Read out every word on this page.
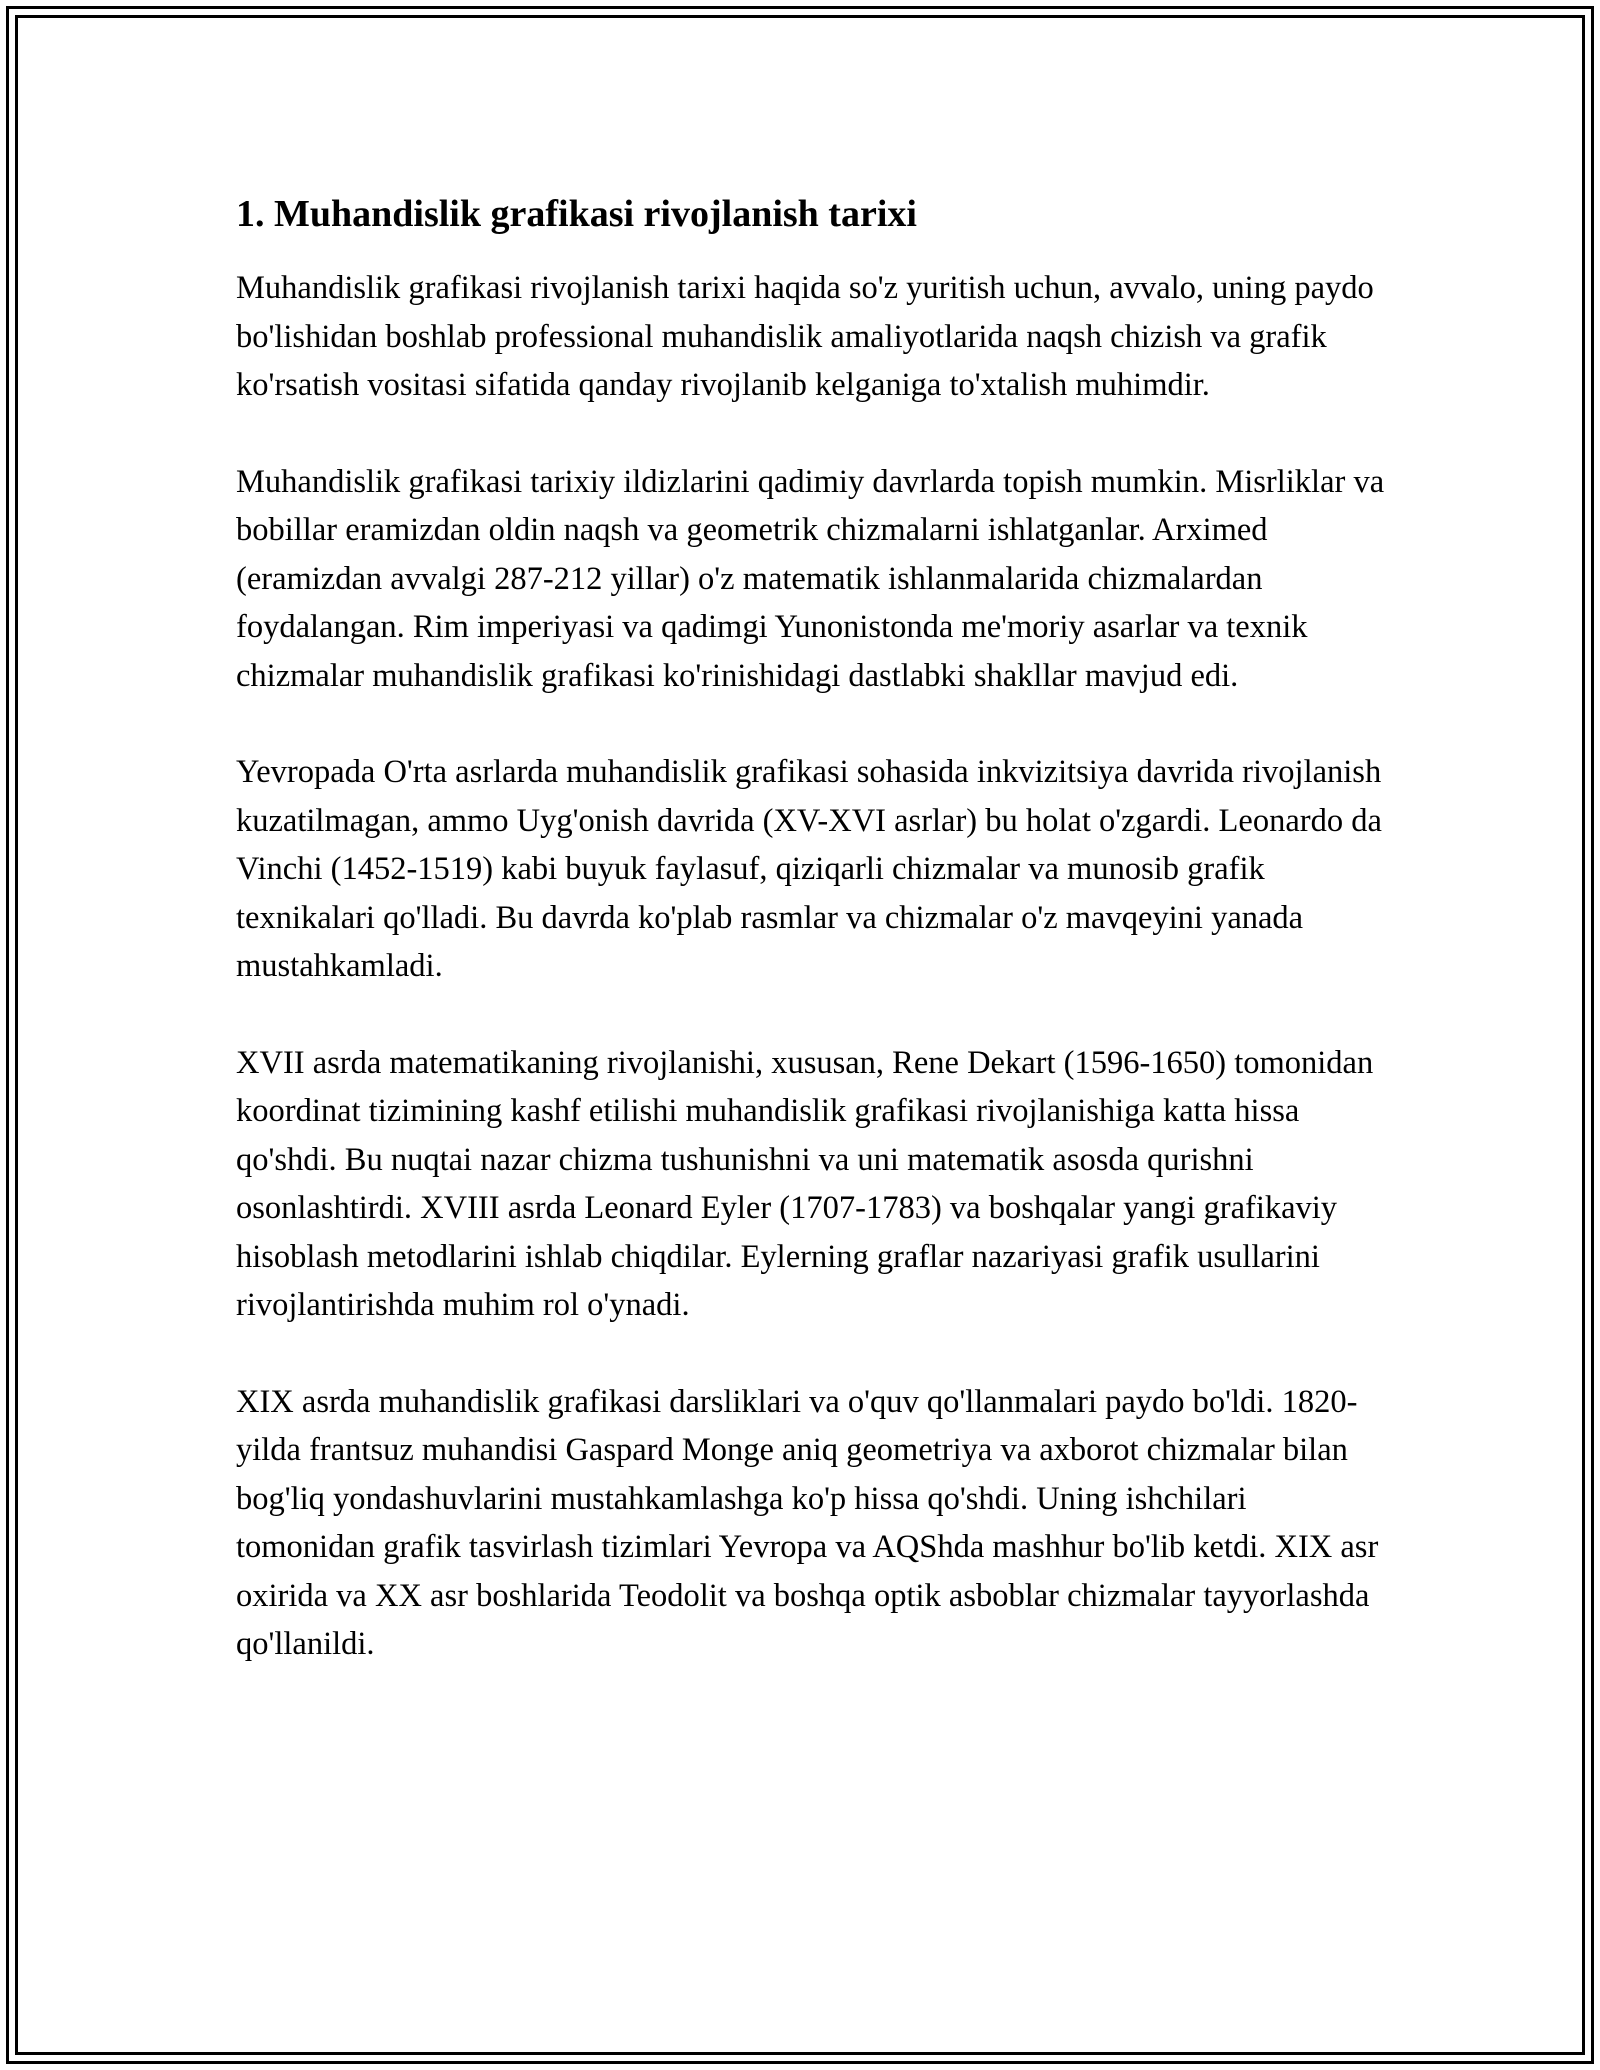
1. Muhandislik grafikasi rivojlanish tarixi

Muhandislik grafikasi rivojlanish tarixi haqida so'z yuritish uchun, avvalo, uning paydo bo'lishidan boshlab professional muhandislik amaliyotlarida naqsh chizish va grafik ko'rsatish vositasi sifatida qanday rivojlanib kelganiga to'xtalish muhimdir.

Muhandislik grafikasi tarixiy ildizlarini qadimiy davrlarda topish mumkin. Misrliklar va bobillar eramizdan oldin naqsh va geometrik chizmalarni ishlatganlar. Arximed (eramizdan avvalgi 287-212 yillar) o'z matematik ishlanmalarida chizmalardan foydalangan. Rim imperiyasi va qadimgi Yunonistonda me'moriy asarlar va texnik chizmalar muhandislik grafikasi ko'rinishidagi dastlabki shakllar mavjud edi.

Yevropada O'rta asrlarda muhandislik grafikasi sohasida inkvizitsiya davrida rivojlanish kuzatilmagan, ammo Uyg'onish davrida (XV-XVI asrlar) bu holat o'zgardi. Leonardo da Vinchi (1452-1519) kabi buyuk faylasuf, qiziqarli chizmalar va munosib grafik texnikalari qo'lladi. Bu davrda ko'plab rasmlar va chizmalar o'z mavqeyini yanada mustahkamladi.

XVII asrda matematikaning rivojlanishi, xususan, Rene Dekart (1596-1650) tomonidan koordinat tizimining kashf etilishi muhandislik grafikasi rivojlanishiga katta hissa qo'shdi. Bu nuqtai nazar chizma tushunishni va uni matematik asosda qurishni osonlashtirdi. XVIII asrda Leonard Eyler (1707-1783) va boshqalar yangi grafikaviy hisoblash metodlarini ishlab chiqdilar. Eylerning graflar nazariyasi grafik usullarini rivojlantirishda muhim rol o'ynadi.

XIX asrda muhandislik grafikasi darsliklari va o'quv qo'llanmalari paydo bo'ldi. 1820-yilda frantsuz muhandisi Gaspard Monge aniq geometriya va axborot chizmalar bilan bog'liq yondashuvlarini mustahkamlashga ko'p hissa qo'shdi. Uning ishchilari tomonidan grafik tasvirlash tizimlari Yevropa va AQShda mashhur bo'lib ketdi. XIX asr oxirida va XX asr boshlarida Teodolit va boshqa optik asboblar chizmalar tayyorlashda qo'llanildi.
